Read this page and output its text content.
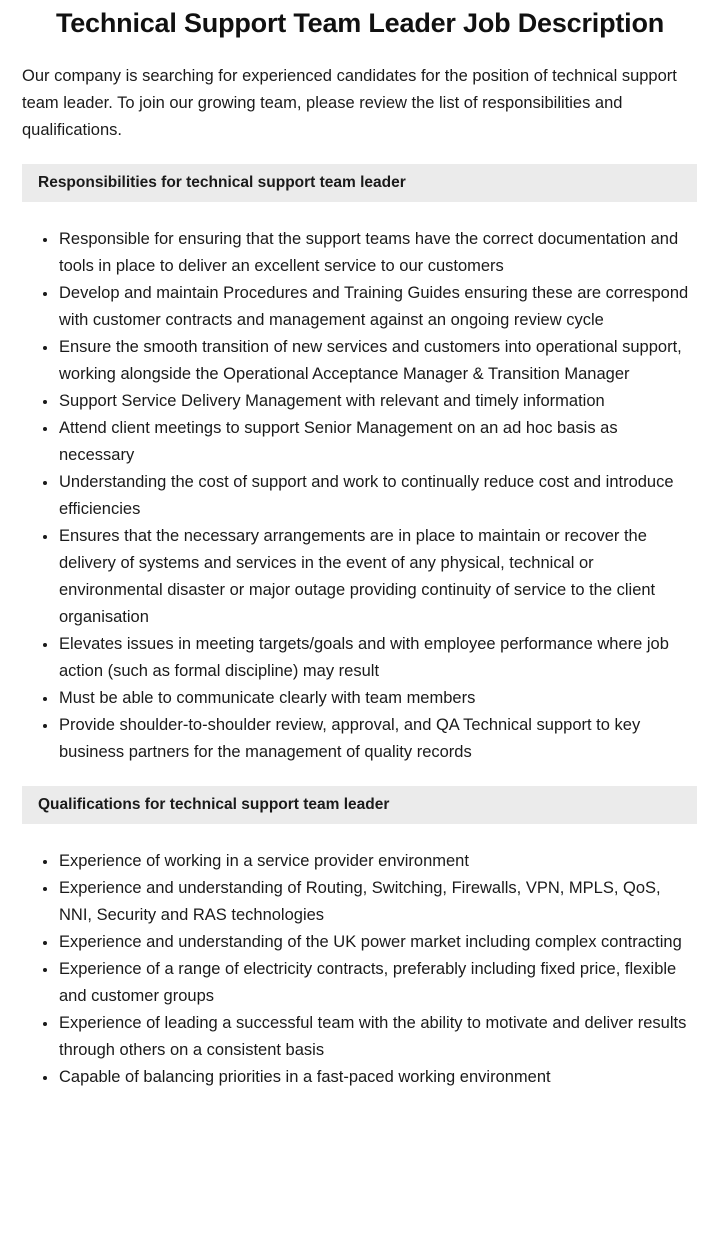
Technical Support Team Leader Job Description

Our company is searching for experienced candidates for the position of technical support team leader. To join our growing team, please review the list of responsibilities and qualifications.

Responsibilities for technical support team leader
Responsible for ensuring that the support teams have the correct documentation and tools in place to deliver an excellent service to our customers
Develop and maintain Procedures and Training Guides ensuring these are correspond with customer contracts and management against an ongoing review cycle
Ensure the smooth transition of new services and customers into operational support, working alongside the Operational Acceptance Manager & Transition Manager
Support Service Delivery Management with relevant and timely information
Attend client meetings to support Senior Management on an ad hoc basis as necessary
Understanding the cost of support and work to continually reduce cost and introduce efficiencies
Ensures that the necessary arrangements are in place to maintain or recover the delivery of systems and services in the event of any physical, technical or environmental disaster or major outage providing continuity of service to the client organisation
Elevates issues in meeting targets/goals and with employee performance where job action (such as formal discipline) may result
Must be able to communicate clearly with team members
Provide shoulder-to-shoulder review, approval, and QA Technical support to key business partners for the management of quality records
Qualifications for technical support team leader
Experience of working in a service provider environment
Experience and understanding of Routing, Switching, Firewalls, VPN, MPLS, QoS, NNI, Security and RAS technologies
Experience and understanding of the UK power market including complex contracting
Experience of a range of electricity contracts, preferably including fixed price, flexible and customer groups
Experience of leading a successful team with the ability to motivate and deliver results through others on a consistent basis
Capable of balancing priorities in a fast-paced working environment
